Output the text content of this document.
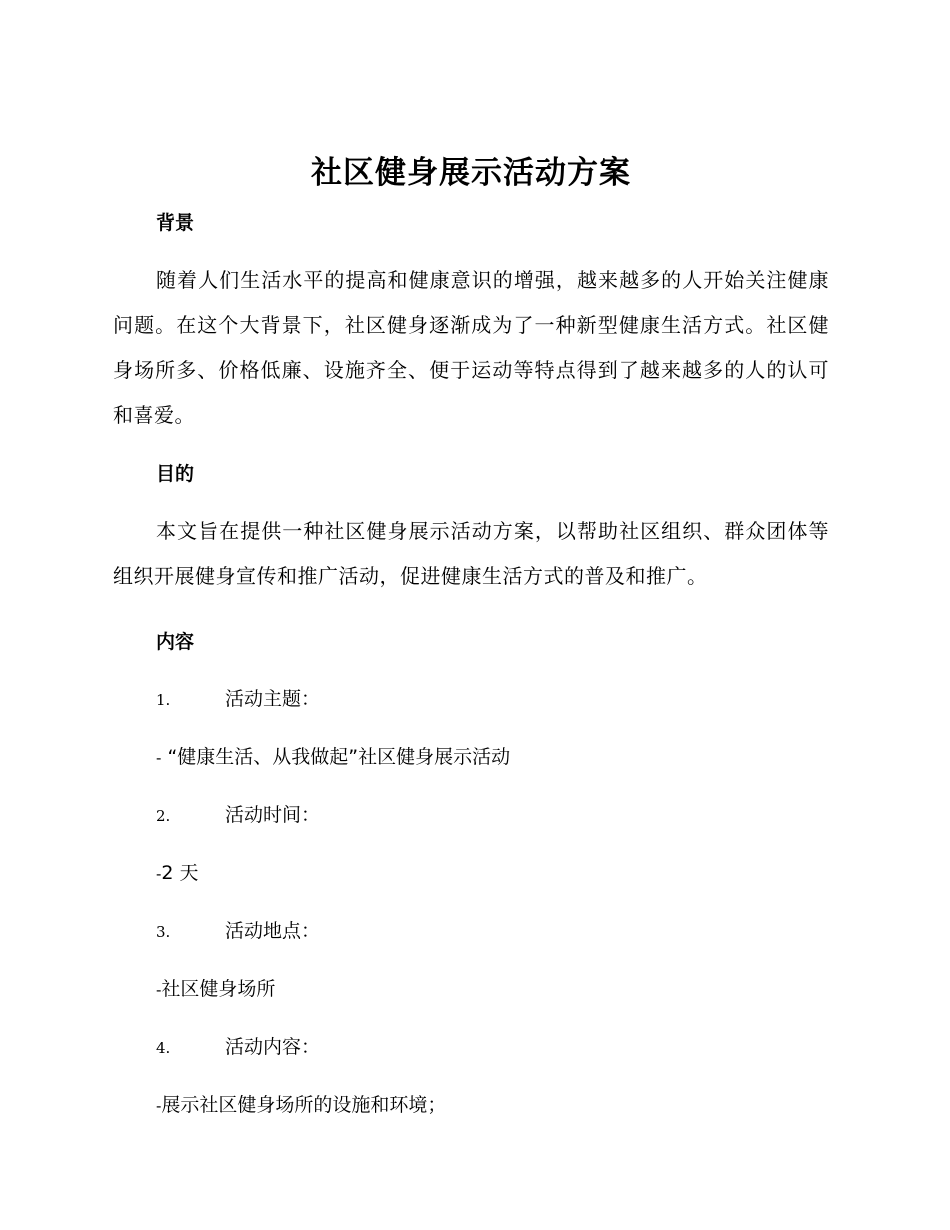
社区健身展示活动方案
背景

随着人们生活水平的提高和健康意识的增强，越来越多的人开始关注健康问题。在这个大背景下，社区健身逐渐成为了一种新型健康生活方式。社区健身场所多、价格低廉、设施齐全、便于运动等特点得到了越来越多的人的认可和喜爱。

目的

本文旨在提供一种社区健身展示活动方案，以帮助社区组织、群众团体等组织开展健身宣传和推广活动，促进健康生活方式的普及和推广。

内容
1.	活动主题：

- “健康生活、从我做起”社区健身展示活动

2.	活动时间：

-2 天

3.	活动地点：

-社区健身场所

4.	活动内容：

-展示社区健身场所的设施和环境；
